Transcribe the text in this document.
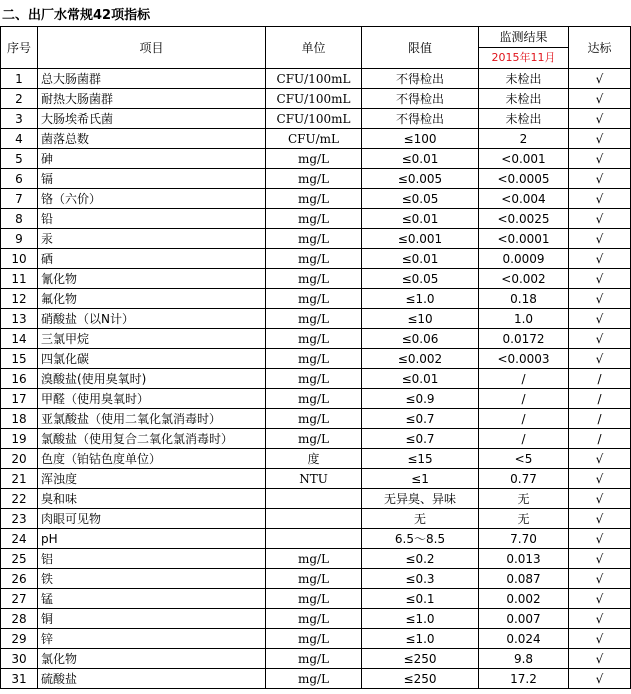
二、出厂水常规42项指标
序号	项目	单位	限值	监测结果	达标
				2015年11月	
1	总大肠菌群	CFU/100mL	不得检出	未检出	√
2	耐热大肠菌群	CFU/100mL	不得检出	未检出	√
3	大肠埃希氏菌	CFU/100mL	不得检出	未检出	√
4	菌落总数	CFU/mL	≤100	2	√
5	砷	mg/L	≤0.01	<0.001	√
6	镉	mg/L	≤0.005	<0.0005	√
7	铬（六价）	mg/L	≤0.05	<0.004	√
8	铅	mg/L	≤0.01	<0.0025	√
9	汞	mg/L	≤0.001	<0.0001	√
10	硒	mg/L	≤0.01	0.0009	√
11	氰化物	mg/L	≤0.05	<0.002	√
12	氟化物	mg/L	≤1.0	0.18	√
13	硝酸盐（以N计）	mg/L	≤10	1.0	√
14	三氯甲烷	mg/L	≤0.06	0.0172	√
15	四氯化碳	mg/L	≤0.002	<0.0003	√
16	溴酸盐(使用臭氧时)	mg/L	≤0.01	/	/
17	甲醛（使用臭氧时）	mg/L	≤0.9	/	/
18	亚氯酸盐（使用二氧化氯消毒时）	mg/L	≤0.7	/	/
19	氯酸盐（使用复合二氧化氯消毒时）	mg/L	≤0.7	/	/
20	色度（铂钴色度单位）	度	≤15	<5	√
21	浑浊度	NTU	≤1	0.77	√
22	臭和味		无异臭、异味	无	√
23	肉眼可见物		无	无	√
24	pH		6.5～8.5	7.70	√
25	铝	mg/L	≤0.2	0.013	√
26	铁	mg/L	≤0.3	0.087	√
27	锰	mg/L	≤0.1	0.002	√
28	铜	mg/L	≤1.0	0.007	√
29	锌	mg/L	≤1.0	0.024	√
30	氯化物	mg/L	≤250	9.8	√
31	硫酸盐	mg/L	≤250	17.2	√
